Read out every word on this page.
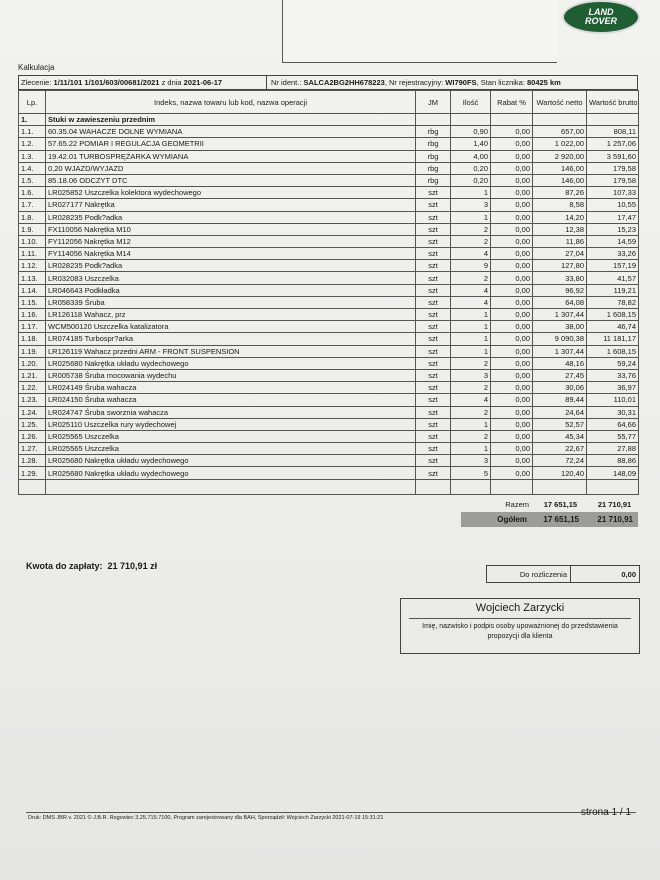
LAND
ROVER
Kalkulacja
Zlecenie: 1/11/101 1/101/603/00681/2021 z dnia 2021-06-17	Nr ident.:
SALCA2BG2HH678223 , Nr rejestracyjny:
WI790FS , Stan licznika:
80425 km
Lp.	Indeks, nazwa towaru lub kod, nazwa operacji	JM	Ilość	Rabat %	Wartość netto	Wartość brutto
1.	Stuki w zawieszeniu przednim					
1.1.	60.35.04 WAHACZE DOLNE WYMIANA	rbg	0,90	0,00	657,00	808,11
1.2.	57.65.22 POMIAR I REGULACJA GEOMETRII	rbg	1,40	0,00	1 022,00	1 257,06
1.3.	19.42.01 TURBOSPRĘŻARKA WYMIANA	rbg	4,00	0,00	2 920,00	3 591,60
1.4.	0,20 WJAZD/WYJAZD	rbg	0,20	0,00	146,00	179,58
1.5.	85.18.06 ODCZYT DTC	rbg	0,20	0,00	146,00	179,58
1.6.	LR025852 Uszczelka kolektora wydechowego	szt	1	0,00	87,26	107,33
1.7.	LR027177 Nakrętka	szt	3	0,00	8,58	10,55
1.8.	LR028235 Podk?adka	szt	1	0,00	14,20	17,47
1.9.	FX110056 Nakrętka M10	szt	2	0,00	12,38	15,23
1.10.	FY112056 Nakrętka M12	szt	2	0,00	11,86	14,59
1.11.	FY114056 Nakrętka M14	szt	4	0,00	27,04	33,26
1.12.	LR028235 Podk?adka	szt	9	0,00	127,80	157,19
1.13.	LR032083 Uszczelka	szt	2	0,00	33,80	41,57
1.14.	LR046643 Podkładka	szt	4	0,00	96,92	119,21
1.15.	LR058339 Śruba	szt	4	0,00	64,08	78,82
1.16.	LR126118 Wahacz, prz	szt	1	0,00	1 307,44	1 608,15
1.17.	WCM500120 Uszczelka katalizatora	szt	1	0,00	38,00	46,74
1.18.	LR074185 Turbospr?arka	szt	1	0,00	9 090,38	11 181,17
1.19.	LR126119 Wahacz przedni ARM - FRONT SUSPENSION	szt	1	0,00	1 307,44	1 608,15
1.20.	LR025680 Nakrętka układu wydechowego	szt	2	0,00	48,16	59,24
1.21.	LR005738 Śruba mocowania wydechu	szt	3	0,00	27,45	33,76
1.22.	LR024149 Śruba wahacza	szt	2	0,00	30,06	36,97
1.23.	LR024150 Śruba wahacza	szt	4	0,00	89,44	110,01
1.24.	LR024747 Śruba sworznia wahacza	szt	2	0,00	24,64	30,31
1.25.	LR025110 Uszczelka rury wydechowej	szt	1	0,00	52,57	64,66
1.26.	LR025565 Uszczelka	szt	2	0,00	45,34	55,77
1.27.	LR025565 Uszczelka	szt	1	0,00	22,67	27,88
1.28.	LR025680 Nakrętka układu wydechowego	szt	3	0,00	72,24	88,86
1.29.	LR025680 Nakrętka układu wydechowego	szt	5	0,00	120,40	148,09

Razem 17 651,15	21 710,91
Ogółem	17 651,15	21 710,91
Kwota do zapłaty: 21 710,91 zł
Do rozliczenia	0,00
Wojciech Zarzycki
Imię, nazwisko i podpis osoby upoważnionej do przedstawienia propozycji dla klienta
Druk: DMS JBR v. 2021 © J.B.R. Rogowiec 3.25.715.7100, Program zarejestrowany dla BAH, Sporządził: Wojciech Zarzycki 2021-07-19 15:31:21	strona 1 / 1
